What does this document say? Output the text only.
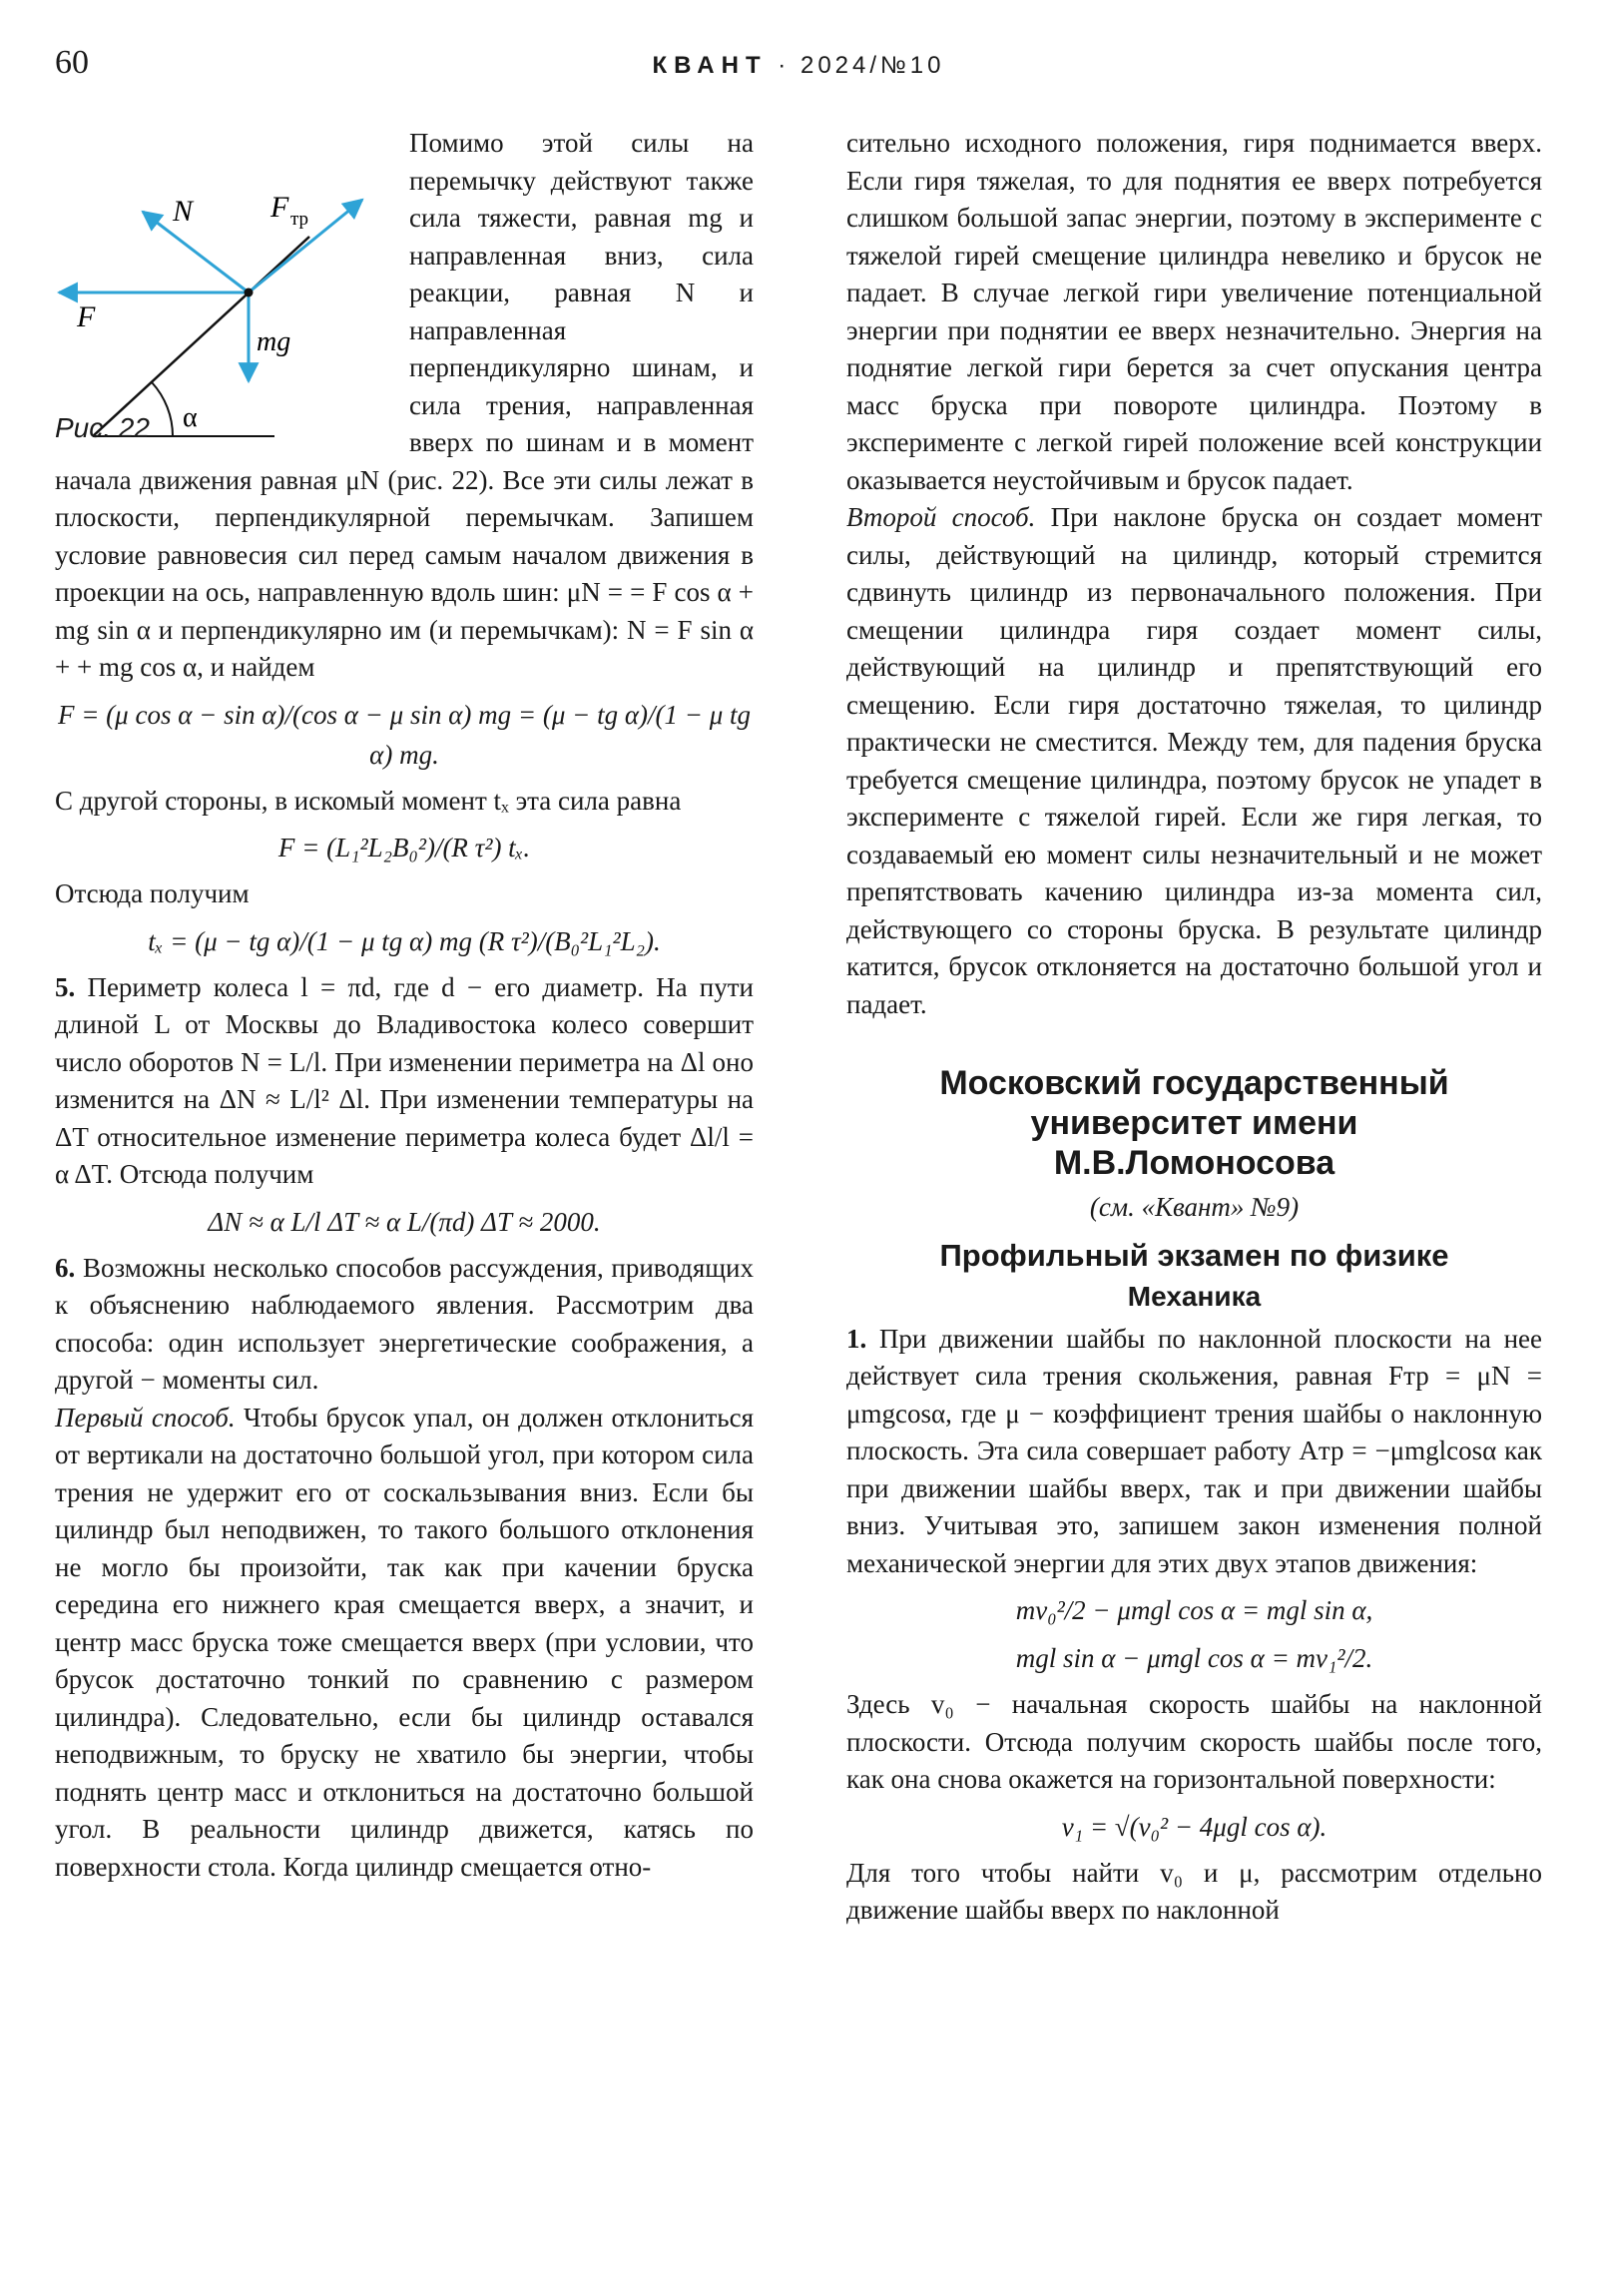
60	КВАНТ · 2024/№10
N	F тр
F
mg
α
Рис. 22

Помимо этой силы на перемычку действуют также сила тяжести, равная mg и направленная вниз, сила реакции, равная N и направленная перпендикулярно шинам, и сила трения, направленная вверх по шинам и в момент начала движения равная μN (рис. 22). Все эти силы лежат в плоскости, перпендикулярной перемычкам. Запишем условие равновесия сил перед самым началом движения в проекции на ось, направленную вдоль шин: μN = = F cos α + mg sin α и перпендикулярно им (и перемычкам): N = F sin α + + mg cos α, и найдем

F = (μ cos α − sin α)/(cos α − μ sin α) mg = (μ − tg α)/(1 − μ tg α) mg.

С другой стороны, в искомый момент tₓ эта сила равна

F = (L₁²L₂B₀²)/(R τ²) tₓ.

Отсюда получим

tₓ = (μ − tg α)/(1 − μ tg α) mg (R τ²)/(B₀²L₁²L₂).

5. Периметр колеса l = πd, где d − его диаметр. На пути длиной L от Москвы до Владивостока колесо совершит число оборотов N = L/l. При изменении периметра на Δl оно изменится на ΔN ≈ L/l² Δl. При изменении температуры на ΔT относительное изменение периметра колеса будет Δl/l = α ΔT. Отсюда получим

ΔN ≈ α L/l ΔT ≈ α L/(πd) ΔT ≈ 2000.

6. Возможны несколько способов рассуждения, приводящих к объяснению наблюдаемого явления. Рассмотрим два способа: один использует энергетические соображения, а другой − моменты сил.

Первый способ. Чтобы брусок упал, он должен отклониться от вертикали на достаточно большой угол, при котором сила трения не удержит его от соскальзывания вниз. Если бы цилиндр был неподвижен, то такого большого отклонения не могло бы произойти, так как при качении бруска середина его нижнего края смещается вверх, а значит, и центр масс бруска тоже смещается вверх (при условии, что брусок достаточно тонкий по сравнению с размером цилиндра). Следовательно, если бы цилиндр оставался неподвижным, то бруску не хватило бы энергии, чтобы поднять центр масс и отклониться на достаточно большой угол. В реальности цилиндр движется, катясь по поверхности стола. Когда цилиндр смещается отно-

сительно исходного положения, гиря поднимается вверх. Если гиря тяжелая, то для поднятия ее вверх потребуется слишком большой запас энергии, поэтому в эксперименте с тяжелой гирей смещение цилиндра невелико и брусок не падает. В случае легкой гири увеличение потенциальной энергии при поднятии ее вверх незначительно. Энергия на поднятие легкой гири берется за счет опускания центра масс бруска при повороте цилиндра. Поэтому в эксперименте с легкой гирей положение всей конструкции оказывается неустойчивым и брусок падает.

Второй способ. При наклоне бруска он создает момент силы, действующий на цилиндр, который стремится сдвинуть цилиндр из первоначального положения. При смещении цилиндра гиря создает момент силы, действующий на цилиндр и препятствующий его смещению. Если гиря достаточно тяжелая, то цилиндр практически не сместится. Между тем, для падения бруска требуется смещение цилиндра, поэтому брусок не упадет в эксперименте с тяжелой гирей. Если же гиря легкая, то создаваемый ею момент силы незначительный и не может препятствовать качению цилиндра из-за момента сил, действующего со стороны бруска. В результате цилиндр катится, брусок отклоняется на достаточно большой угол и падает.

Московский государственный
университет имени
М.В.Ломоносова
(см. «Квант» №9)
Профильный экзамен по физике
Механика

1. При движении шайбы по наклонной плоскости на нее действует сила трения скольжения, равная Fтр = μN = μmgcosα, где μ − коэффициент трения шайбы о наклонную плоскость. Эта сила совершает работу Aтр = −μmglcosα как при движении шайбы вверх, так и при движении шайбы вниз. Учитывая это, запишем закон изменения полной механической энергии для этих двух этапов движения:

mv₀²/2 − μmgl cos α = mgl sin α,
mgl sin α − μmgl cos α = mv₁²/2.

Здесь v₀ − начальная скорость шайбы на наклонной плоскости. Отсюда получим скорость шайбы после того, как она снова окажется на горизонтальной поверхности:

v₁ = √(v₀² − 4μgl cos α).

Для того чтобы найти v₀ и μ, рассмотрим отдельно движение шайбы вверх по наклонной
